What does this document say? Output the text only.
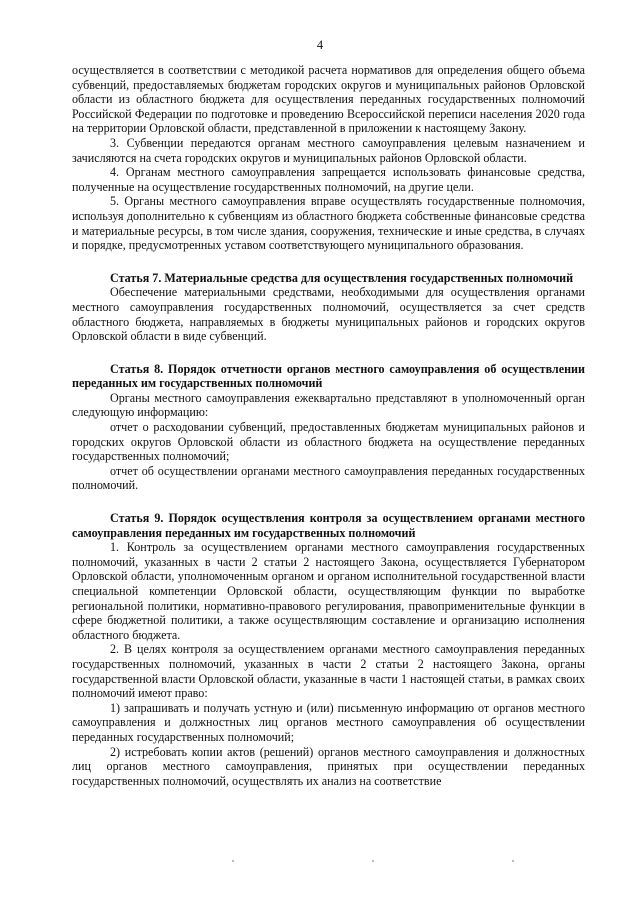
4

осуществляется в соответствии с методикой расчета нормативов для определения общего объема субвенций, предоставляемых бюджетам городских округов и муниципальных районов Орловской области из областного бюджета для осуществления переданных государственных полномочий Российской Федерации по подготовке и проведению Всероссийской переписи населения 2020 года на территории Орловской области, представленной в приложении к настоящему Закону.

3. Субвенции передаются органам местного самоуправления целевым назначением и зачисляются на счета городских округов и муниципальных районов Орловской области.

4. Органам местного самоуправления запрещается использовать финансовые средства, полученные на осуществление государственных полномочий, на другие цели.

5. Органы местного самоуправления вправе осуществлять государственные полномочия, используя дополнительно к субвенциям из областного бюджета собственные финансовые средства и материальные ресурсы, в том числе здания, сооружения, технические и иные средства, в случаях и порядке, предусмотренных уставом соответствующего муниципального образования.

Статья 7. Материальные средства для осуществления государственных полномочий

Обеспечение материальными средствами, необходимыми для осуществления органами местного самоуправления государственных полномочий, осуществляется за счет средств областного бюджета, направляемых в бюджеты муниципальных районов и городских округов Орловской области в виде субвенций.

Статья 8. Порядок отчетности органов местного самоуправления об осуществлении переданных им государственных полномочий

Органы местного самоуправления ежеквартально представляют в уполномоченный орган следующую информацию:

отчет о расходовании субвенций, предоставленных бюджетам муниципальных районов и городских округов Орловской области из областного бюджета на осуществление переданных государственных полномочий;

отчет об осуществлении органами местного самоуправления переданных государственных полномочий.

Статья 9. Порядок осуществления контроля за осуществлением органами местного самоуправления переданных им государственных полномочий

1. Контроль за осуществлением органами местного самоуправления государственных полномочий, указанных в части 2 статьи 2 настоящего Закона, осуществляется Губернатором Орловской области, уполномоченным органом и органом исполнительной государственной власти специальной компетенции Орловской области, осуществляющим функции по выработке региональной политики, нормативно-правового регулирования, правоприменительные функции в сфере бюджетной политики, а также осуществляющим составление и организацию исполнения областного бюджета.

2. В целях контроля за осуществлением органами местного самоуправления переданных государственных полномочий, указанных в части 2 статьи 2 настоящего Закона, органы государственной власти Орловской области, указанные в части 1 настоящей статьи, в рамках своих полномочий имеют право:

1) запрашивать и получать устную и (или) письменную информацию от органов местного самоуправления и должностных лиц органов местного самоуправления об осуществлении переданных государственных полномочий;

2) истребовать копии актов (решений) органов местного самоуправления и должностных лиц органов местного самоуправления, принятых при осуществлении переданных государственных полномочий, осуществлять их анализ на соответствие
